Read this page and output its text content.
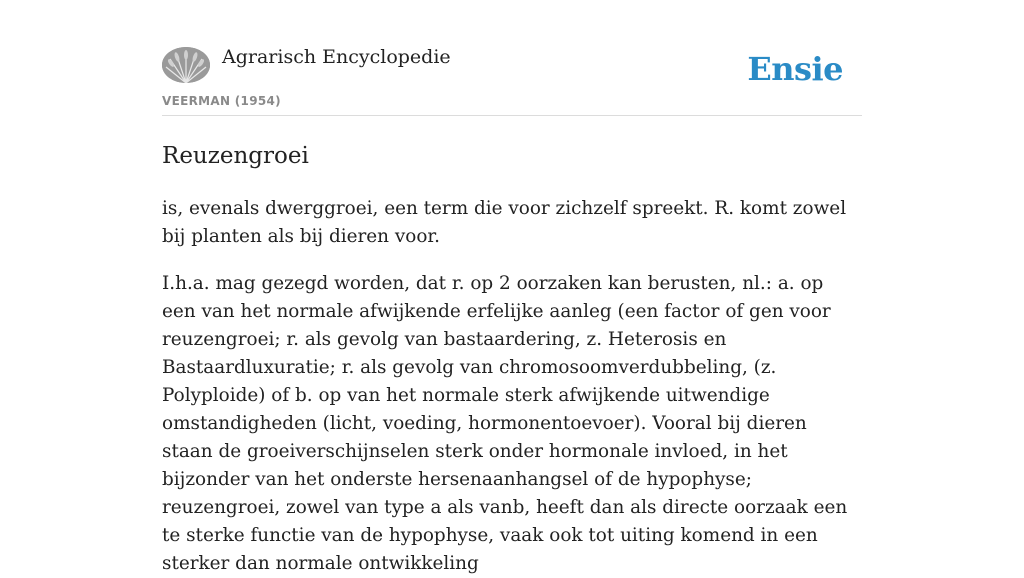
Agrarisch Encyclopedie
VEERMAN (1954)
Ensie
Reuzengroei

is, evenals dwerggroei, een term die voor zichzelf spreekt. R. komt zowel bij planten als bij dieren voor.

I.h.a. mag gezegd worden, dat r. op 2 oorzaken kan berusten, nl.: a. op een van het normale afwijkende erfelijke aanleg (een factor of gen voor reuzengroei; r. als gevolg van bastaardering, z. Heterosis en Bastaardluxuratie; r. als gevolg van chromosoomverdubbeling, (z. Polyploide) of b. op van het normale sterk afwijkende uitwendige omstandigheden (licht, voeding, hormonentoevoer). Vooral bij dieren staan de groeiverschijnselen sterk onder hormonale invloed, in het bijzonder van het onderste hersenaanhangsel of de hypophyse; reuzengroei, zowel van type a als vanb, heeft dan als directe oorzaak een te sterke functie van de hypophyse, vaak ook tot uiting komend in een sterker dan normale ontwikkeling
